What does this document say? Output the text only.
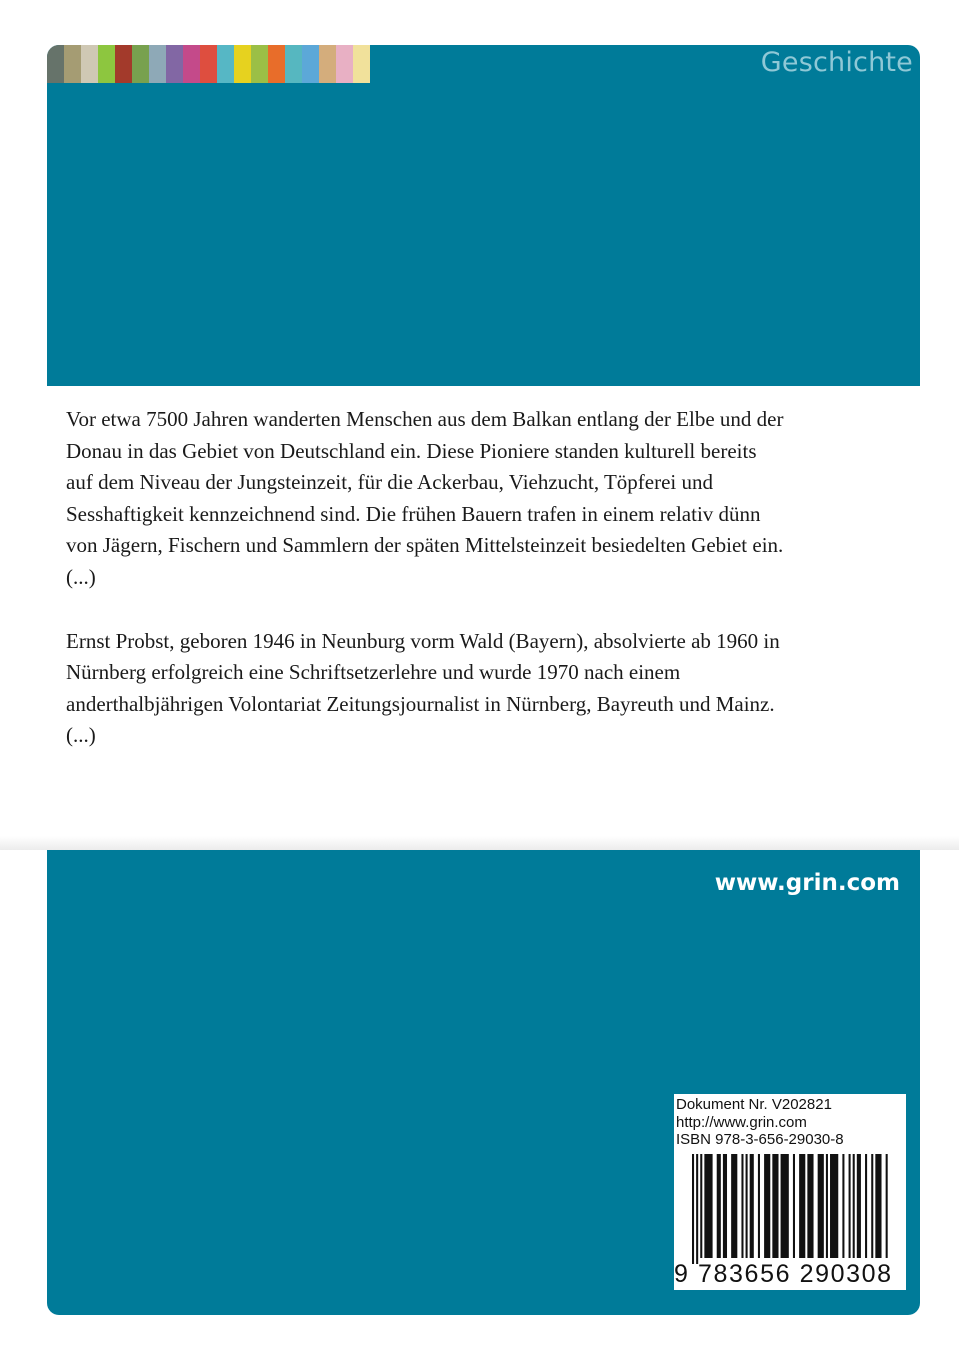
Geschichte

Vor etwa 7500 Jahren wanderten Menschen aus dem Balkan entlang der Elbe und der Donau in das Gebiet von Deutschland ein. Diese Pioniere standen kulturell bereits auf dem Niveau der Jungsteinzeit, für die Ackerbau, Viehzucht, Töpferei und Sesshaftigkeit kennzeichnend sind. Die frühen Bauern trafen in einem relativ dünn von Jägern, Fischern und Sammlern der späten Mittelsteinzeit besiedelten Gebiet ein. (...)

Ernst Probst, geboren 1946 in Neunburg vorm Wald (Bayern), absolvierte ab 1960 in Nürnberg erfolgreich eine Schriftsetzerlehre und wurde 1970 nach einem anderthalbjährigen Volontariat Zeitungsjournalist in Nürnberg, Bayreuth und Mainz. (...)

www.grin.com
Dokument Nr. V202821
http://www.grin.com
ISBN 978-3-656-29030-8
9 783656 290308
